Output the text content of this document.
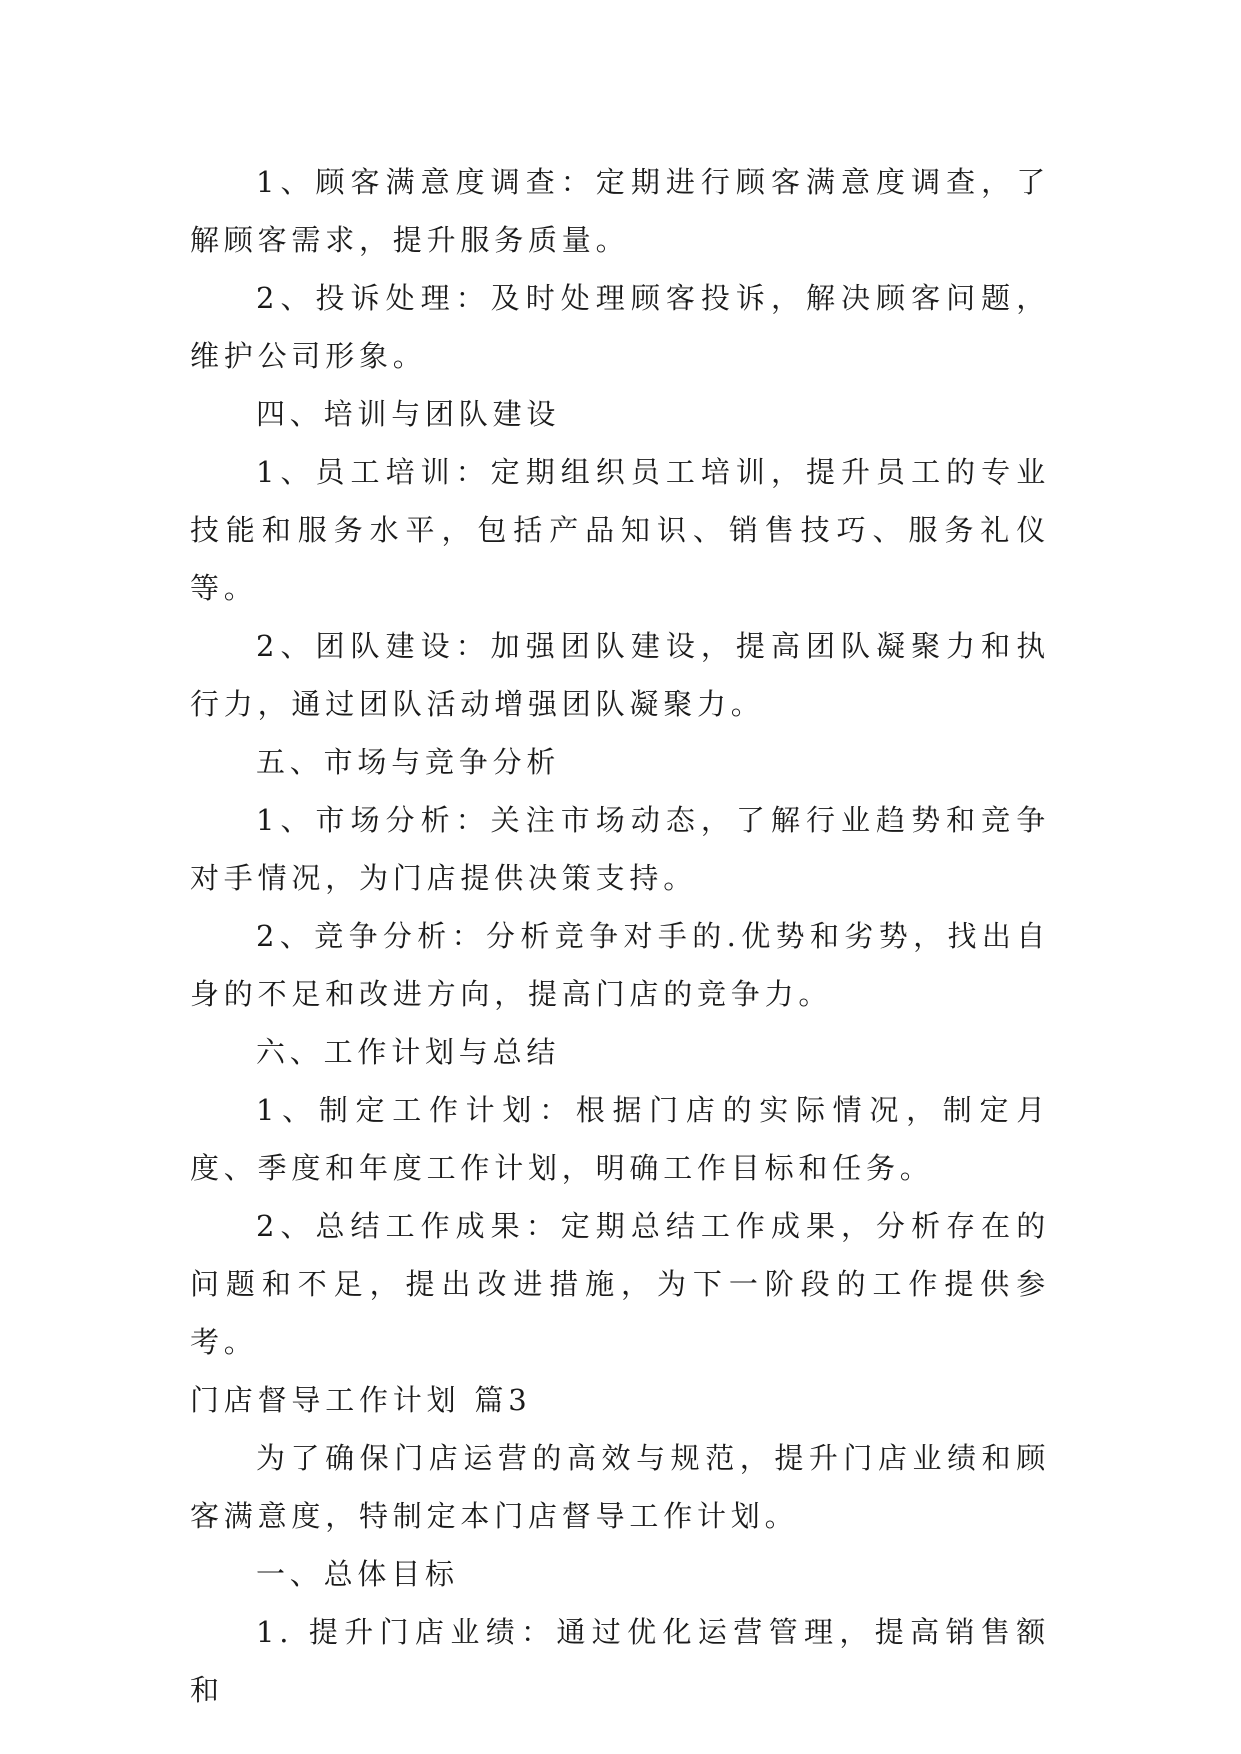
1、顾客满意度调查：定期进行顾客满意度调查，了解顾客需求，提升服务质量。

2、投诉处理：及时处理顾客投诉，解决顾客问题，维护公司形象。

四、培训与团队建设

1、员工培训：定期组织员工培训，提升员工的专业技能和服务水平，包括产品知识、销售技巧、服务礼仪等。

2、团队建设：加强团队建设，提高团队凝聚力和执行力，通过团队活动增强团队凝聚力。

五、市场与竞争分析

1、市场分析：关注市场动态，了解行业趋势和竞争对手情况，为门店提供决策支持。

2、竞争分析：分析竞争对手的.优势和劣势，找出自身的不足和改进方向，提高门店的竞争力。

六、工作计划与总结

1、制定工作计划：根据门店的实际情况，制定月度、季度和年度工作计划，明确工作目标和任务。

2、总结工作成果：定期总结工作成果，分析存在的问题和不足，提出改进措施，为下一阶段的工作提供参考。

门店督导工作计划 篇3

为了确保门店运营的高效与规范，提升门店业绩和顾客满意度，特制定本门店督导工作计划。

一、总体目标

1. 提升门店业绩：通过优化运营管理，提高销售额和
